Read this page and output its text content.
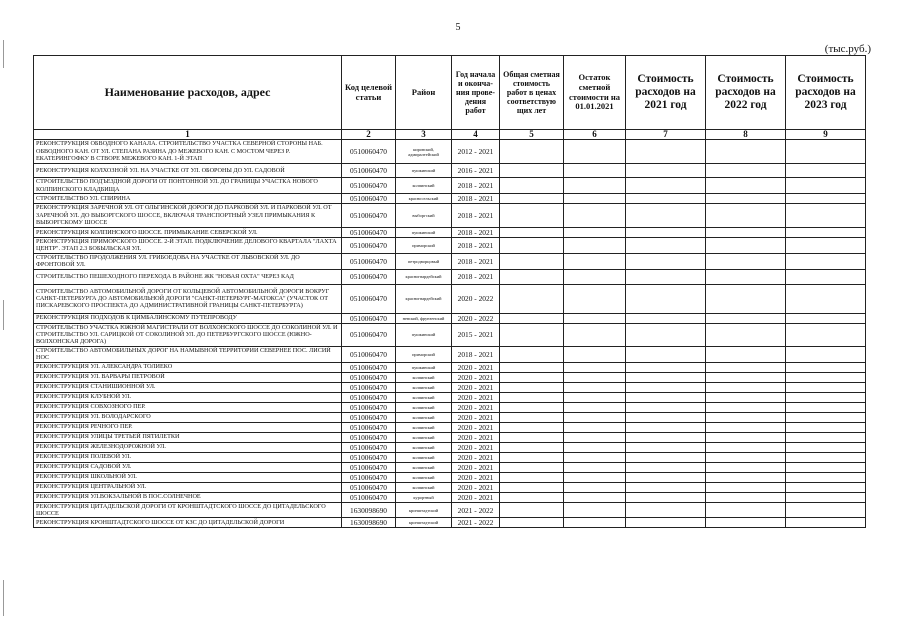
5
(тыс.руб.)
Наименование расходов, адрес	Код целевой статьи	Район	Год начала и оконча-ния прове-дения работ	Общая сметная стоимость работ в ценах соответствую щих лет	Остаток сметной стоимости на 01.01.2021	Стоимость расходов на 2021 год	Стоимость расходов на 2022 год	Стоимость расходов на 2023 год
1	2	3	4	5	6	7	8	9
РЕКОНСТРУКЦИЯ ОБВОДНОГО КАНАЛА. СТРОИТЕЛЬСТВО УЧАСТКА СЕВЕРНОЙ СТОРОНЫ НАБ. ОБВОДНОГО КАН. ОТ УЛ. СТЕПАНА РАЗИНА ДО МЕЖЕВОГО КАН. С МОСТОМ ЧЕРЕЗ Р. ЕКАТЕРИНГОФКУ В СТВОРЕ МЕЖЕВОГО КАН. 1-Й ЭТАП	0510060470	кировский, адмиралтейский	2012 - 2021					
РЕКОНСТРУКЦИЯ КОЛХОЗНОЙ УЛ. НА УЧАСТКЕ ОТ УЛ. ОБОРОНЫ ДО УЛ. САДОВОЙ	0510060470	пушкинский	2016 - 2021					
СТРОИТЕЛЬСТВО ПОДЪЕЗДНОЙ ДОРОГИ ОТ ПОНТОННОЙ УЛ. ДО ГРАНИЦЫ УЧАСТКА НОВОГО КОЛПИНСКОГО КЛАДБИЩА	0510060470	колпинский	2018 - 2021					
СТРОИТЕЛЬСТВО УЛ. СПИРИНА	0510060470	красносельский	2018 - 2021					
РЕКОНСТРУКЦИЯ ЗАРЕЧНОЙ УЛ. ОТ ОЛЬГИНСКОЙ ДОРОГИ ДО ПАРКОВОЙ УЛ. И ПАРКОВОЙ УЛ. ОТ ЗАРЕЧНОЙ УЛ. ДО ВЫБОРГСКОГО ШОССЕ, ВКЛЮЧАЯ ТРАНСПОРТНЫЙ УЗЕЛ ПРИМЫКАНИЯ К ВЫБОРГСКОМУ ШОССЕ	0510060470	выборгский	2018 - 2021					
РЕКОНСТРУКЦИЯ КОЛПИНСКОГО ШОССЕ. ПРИМЫКАНИЕ СЕВЕРСКОЙ УЛ.	0510060470	пушкинский	2018 - 2021					
РЕКОНСТРУКЦИЯ ПРИМОРСКОГО ШОССЕ. 2-Й ЭТАП. ПОДКЛЮЧЕНИЕ ДЕЛОВОГО КВАРТАЛА "ЛАХТА ЦЕНТР". ЭТАП 2.3 БОБЫЛЬСКАЯ УЛ.	0510060470	приморский	2018 - 2021					
СТРОИТЕЛЬСТВО ПРОДОЛЖЕНИЯ УЛ. ГРИБОЕДОВА НА УЧАСТКЕ ОТ ЛЬВОВСКОЙ УЛ. ДО ФРОНТОВОЙ УЛ.	0510060470	петродворцовый	2018 - 2021					
СТРОИТЕЛЬСТВО ПЕШЕХОДНОГО ПЕРЕХОДА В РАЙОНЕ ЖК "НОВАЯ ОХТА" ЧЕРЕЗ КАД	0510060470	красногвардейский	2018 - 2021					
СТРОИТЕЛЬСТВО АВТОМОБИЛЬНОЙ ДОРОГИ ОТ КОЛЬЦЕВОЙ АВТОМОБИЛЬНОЙ ДОРОГИ ВОКРУГ САНКТ-ПЕТЕРБУРГА ДО АВТОМОБИЛЬНОЙ ДОРОГИ "САНКТ-ПЕТЕРБУРГ-МАТОКСА" (УЧАСТОК ОТ ПИСКАРЕВСКОГО ПРОСПЕКТА ДО АДМИНИСТРАТИВНОЙ ГРАНИЦЫ САНКТ-ПЕТЕРБУРГА)	0510060470	красногвардейский	2020 - 2022					
РЕКОНСТРУКЦИЯ ПОДХОДОВ К ЦИМБАЛИНСКОМУ ПУТЕПРОВОДУ	0510060470	невский, фрунзенский	2020 - 2022					
СТРОИТЕЛЬСТВО УЧАСТКА ЮЖНОЙ МАГИСТРАЛИ ОТ ВОЛХОНСКОГО ШОССЕ ДО СОКОЛИНОЙ УЛ. И СТРОИТЕЛЬСТВО УЛ. САРИЦКОЙ ОТ СОКОЛИНОЙ УЛ. ДО ПЕТЕРБУРГСКОГО ШОССЕ (ЮЖНО-ВОЛХОНСКАЯ ДОРОГА)	0510060470	пушкинский	2015 - 2021					
СТРОИТЕЛЬСТВО АВТОМОБИЛЬНЫХ ДОРОГ НА НАМЫВНОЙ ТЕРРИТОРИИ СЕВЕРНЕЕ ПОС. ЛИСИЙ НОС	0510060470	приморский	2018 - 2021					
РЕКОНСТРУКЦИЯ УЛ. АЛЕКСАНДРА ТОЛИЕКО	0510060470	пушкинский	2020 - 2021					
РЕКОНСТРУКЦИЯ УЛ. ВАРВАРЫ ПЕТРОВОЙ	0510060470	колпинский	2020 - 2021					
РЕКОНСТРУКЦИЯ СТАНИШИОННОЙ УЛ.	0510060470	колпинский	2020 - 2021					
РЕКОНСТРУКЦИЯ КЛУБНОЙ УЛ.	0510060470	колпинский	2020 - 2021					
РЕКОНСТРУКЦИЯ СОВХОЗНОГО ПЕР.	0510060470	колпинский	2020 - 2021					
РЕКОНСТРУКЦИЯ УЛ. ВОЛОДАРСКОГО	0510060470	колпинский	2020 - 2021					
РЕКОНСТРУКЦИЯ РЕЧНОГО ПЕР.	0510060470	колпинский	2020 - 2021					
РЕКОНСТРУКЦИЯ УЛИЦЫ ТРЕТЬЕЙ ПЯТИЛЕТКИ	0510060470	колпинский	2020 - 2021					
РЕКОНСТРУКЦИЯ ЖЕЛЕЗНОДОРОЖНОЙ УЛ.	0510060470	колпинский	2020 - 2021					
РЕКОНСТРУКЦИЯ ПОЛЕВОЙ УЛ.	0510060470	колпинский	2020 - 2021					
РЕКОНСТРУКЦИЯ САДОВОЙ УЛ.	0510060470	колпинский	2020 - 2021					
РЕКОНСТРУКЦИЯ ШКОЛЬНОЙ УЛ.	0510060470	колпинский	2020 - 2021					
РЕКОНСТРУКЦИЯ ЦЕНТРАЛЬНОЙ УЛ.	0510060470	колпинский	2020 - 2021					
РЕКОНСТРУКЦИЯ УЛ.ВОКЗАЛЬНОЙ В ПОС.СОЛНЕЧНОЕ	0510060470	курортный	2020 - 2021					
РЕКОНСТРУКЦИЯ ЦИТАДЕЛЬСКОЙ ДОРОГИ ОТ КРОНШТАДТСКОГО ШОССЕ ДО ЦИТАДЕЛЬСКОГО ШОССЕ	1630098690	кронштадтский	2021 - 2022					
РЕКОНСТРУКЦИЯ КРОНШТАДТСКОГО ШОССЕ ОТ КЗС ДО ЦИТАДЕЛЬСКОЙ ДОРОГИ	1630098690	кронштадтский	2021 - 2022					
